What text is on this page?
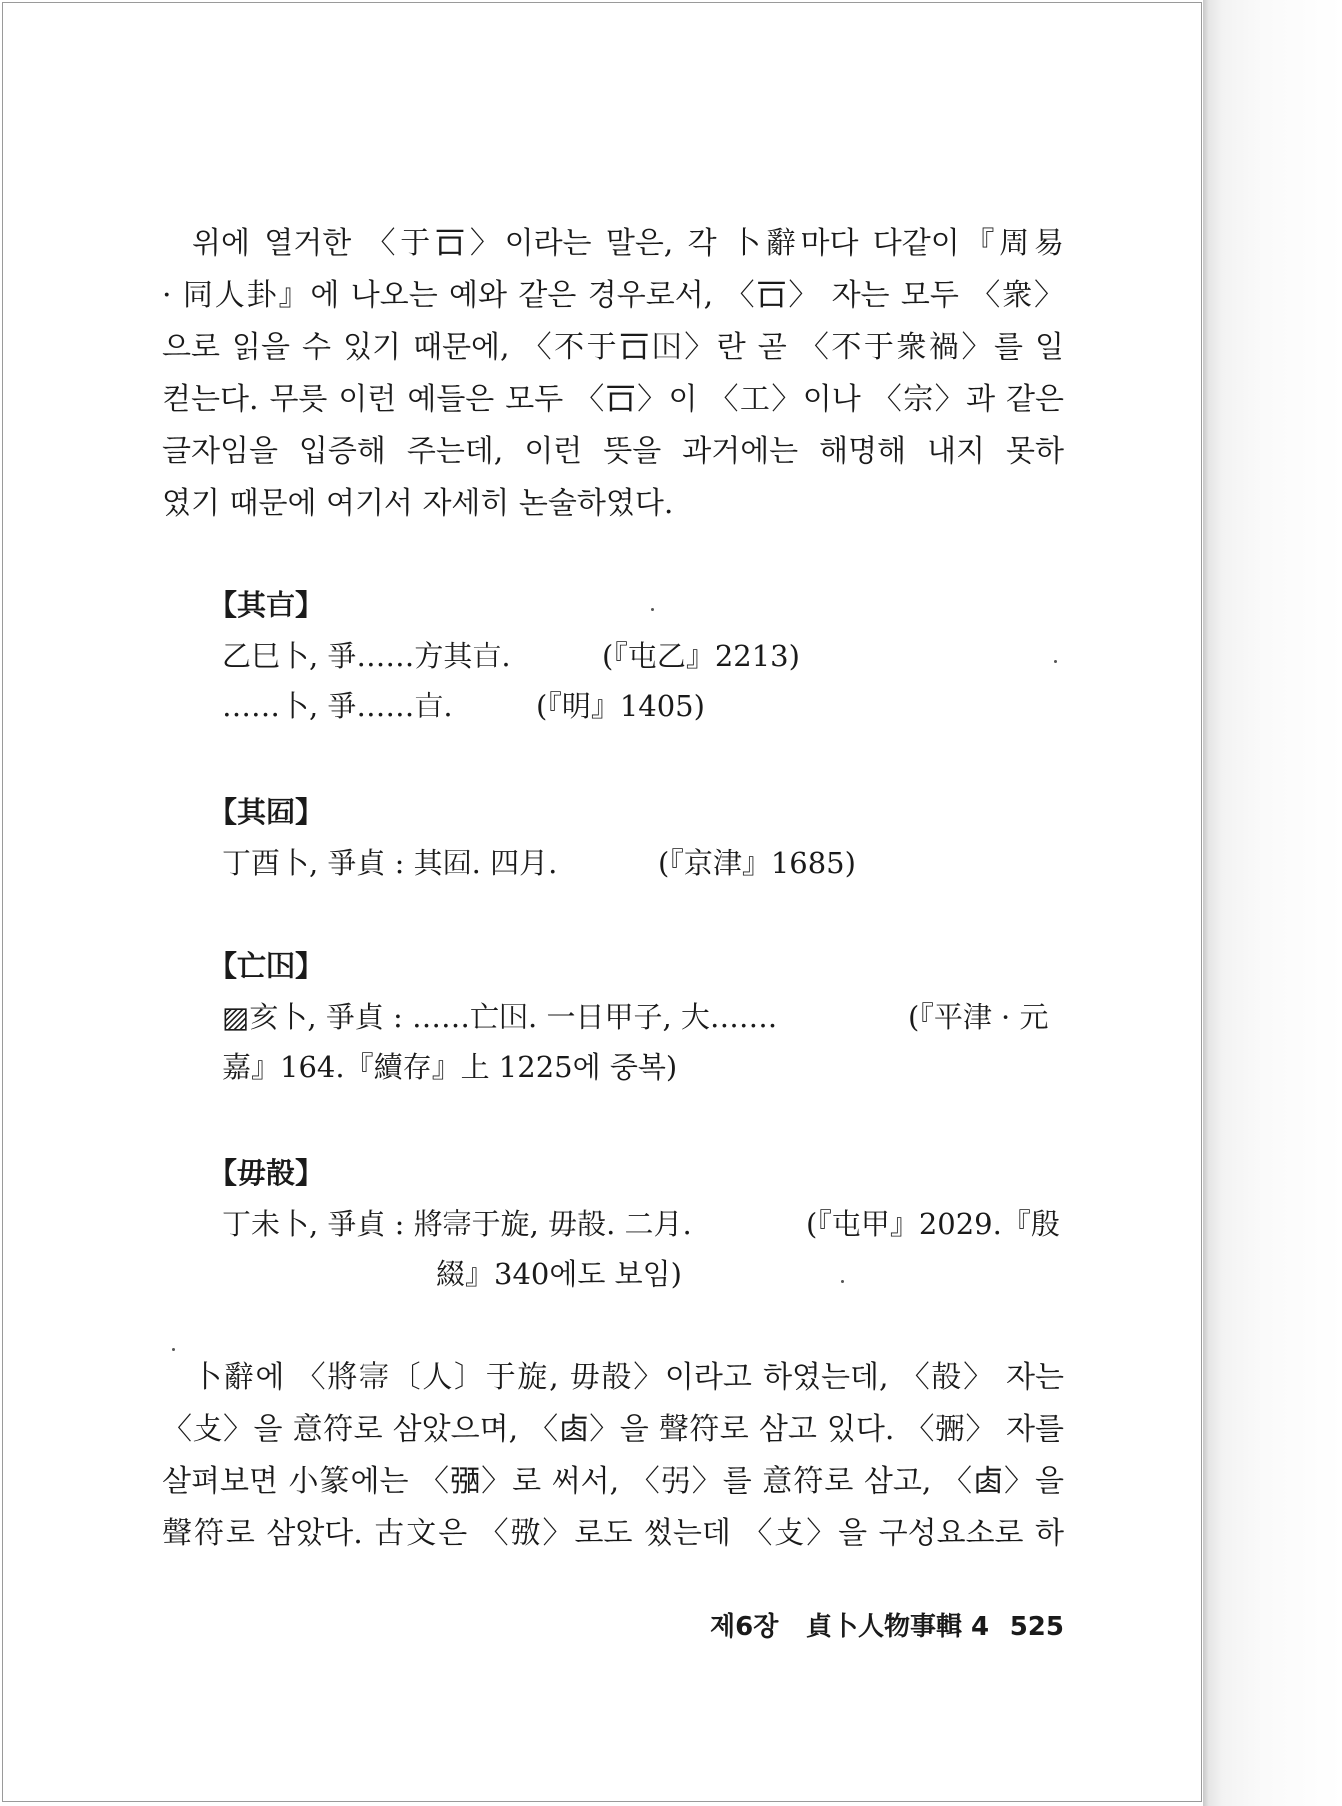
위에 열거한 〈于𠮛〉이라는 말은, 각 卜辭마다 다같이『周易
· 同人卦』에 나오는 예와 같은 경우로서, 〈𠮛〉 자는 모두 〈衆〉
으로 읽을 수 있기 때문에, 〈不于𠮛𡆥〉란 곧 〈不于衆禍〉를 일
컫는다. 무릇 이런 예들은 모두 〈𠮛〉이 〈工〉이나 〈宗〉과 같은
글자임을 입증해 주는데, 이런 뜻을 과거에는 해명해 내지 못하
였기 때문에 여기서 자세히 논술하였다.
【其𣅀】
乙巳卜, 爭……方其𣅀.	(『屯乙』2213)
……卜, 爭……𣅀.	(『明』1405)
【其𡇈】
丁酉卜, 爭貞 : 其𡇈. 四月.	(『京津』1685)
【亡𡆥】
▨亥卜, 爭貞 : ……亡𡆥. 一日甲子, 大…….	(『平津 · 元
嘉』164.『續存』上 1225에 중복)
【毋㱿】
丁未卜, 爭貞 : 將𡨦于旋, 毋㱿. 二月.	(『屯甲』2029.『殷
綴』340에도 보임)
卜辭에 〈將𡨦〔人〕于旋, 毋㱿〉이라고 하였는데, 〈㱿〉 자는
〈攴〉을 意符로 삼았으며, 〈𠧪〉을 聲符로 삼고 있다. 〈弻〉 자를
살펴보면 小篆에는 〈𢐀〉로 써서, 〈弜〉를 意符로 삼고, 〈𠧪〉을
聲符로 삼았다. 古文은 〈㢸〉로도 썼는데 〈攴〉을 구성요소로 하
제6장 貞卜人物事輯 4 525
